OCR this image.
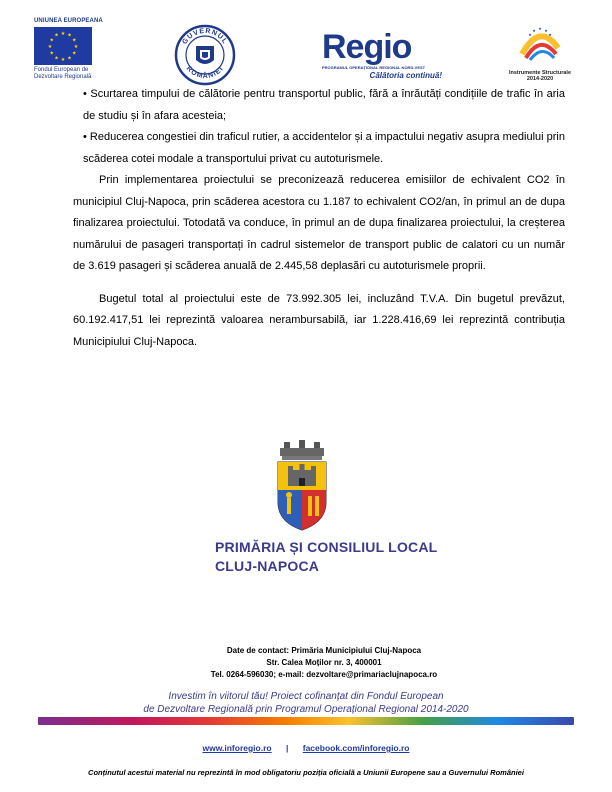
UNIUNEA EUROPEANA
★ ★
★
★
★
★
★
★
★
★
★
★
Fondul European de
Dezvoltare Regională
GUVERNUL
ROMÂNIEI
Regio
PROGRAMUL OPERAȚIONAL REGIONAL NORD-VEST
Călătoria continuă!
★ ★
★
★
★
Instrumente Structurale
2014-2020
• Scurtarea timpului de călătorie pentru transportul public, fără a înrăutăți condițiile de trafic în aria de studiu și în afara acesteia;
• Reducerea congestiei din traficul rutier, a accidentelor și a impactului negativ asupra mediului prin scăderea cotei modale a transportului privat cu autoturismele.
Prin implementarea proiectului se preconizează reducerea emisiilor de echivalent CO2 în municipiul Cluj-Napoca, prin scăderea acestora cu 1.187 to echivalent CO2/an, în primul an de dupa finalizarea proiectului. Totodată va conduce, în primul an de dupa finalizarea proiectului, la creșterea numărului de pasageri transportați în cadrul sistemelor de transport public de calatori cu un număr de 3.619 pasageri și scăderea anuală de 2.445,58 deplasări cu autoturismele proprii.
Bugetul total al proiectului este de 73.992.305 lei, incluzând T.V.A. Din bugetul prevăzut, 60.192.417,51 lei reprezintă valoarea nerambursabilă, iar 1.228.416,69 lei reprezintă contribuția Municipiului Cluj-Napoca.
PRIMĂRIA ȘI CONSILIUL LOCAL
CLUJ-NAPOCA
Date de contact: Primăria Municipiului Cluj-Napoca
Str. Calea Moților nr. 3, 400001
Tel. 0264-596030; e-mail: dezvoltare@primariaclujnapoca.ro
Investim în viitorul tău! Proiect cofinanțat din Fondul European
de Dezvoltare Regională prin Programul Operațional Regional 2014-2020
www.inforegio.ro | facebook.com/inforegio.ro
Conținutul acestui material nu reprezintă în mod obligatoriu poziția oficială a Uniunii Europene sau a Guvernului României
